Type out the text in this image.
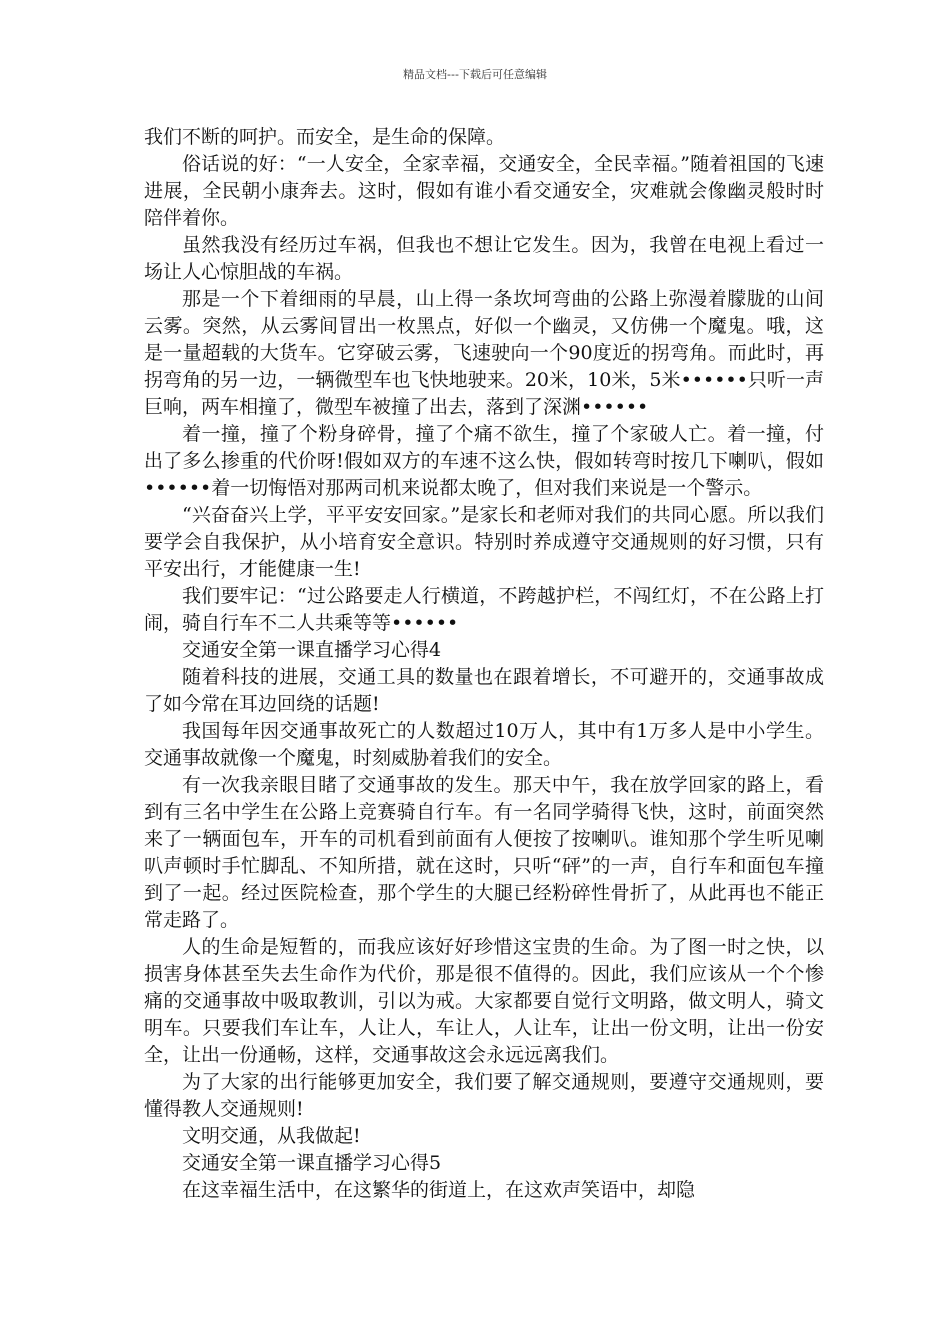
精品文档---下载后可任意编辑

我们不断的呵护。而安全，是生命的保障。

俗话说的好：“一人安全，全家幸福，交通安全，全民幸福。”随着祖国的飞速进展，全民朝小康奔去。这时，假如有谁小看交通安全，灾难就会像幽灵般时时陪伴着你。

虽然我没有经历过车祸，但我也不想让它发生。因为，我曾在电视上看过一场让人心惊胆战的车祸。

那是一个下着细雨的早晨，山上得一条坎坷弯曲的公路上弥漫着朦胧的山间云雾。突然，从云雾间冒出一枚黑点，好似一个幽灵，又仿佛一个魔鬼。哦，这是一量超载的大货车。它穿破云雾，飞速驶向一个90度近的拐弯角。而此时，再拐弯角的另一边，一辆微型车也飞快地驶来。20米，10米，5米••••••只听一声巨响，两车相撞了，微型车被撞了出去，落到了深渊••••••

着一撞，撞了个粉身碎骨，撞了个痛不欲生，撞了个家破人亡。着一撞，付出了多么掺重的代价呀!假如双方的车速不这么快，假如转弯时按几下喇叭，假如••••••着一切悔悟对那两司机来说都太晚了，但对我们来说是一个警示。

“兴奋奋兴上学，平平安安回家。”是家长和老师对我们的共同心愿。所以我们要学会自我保护，从小培育安全意识。特别时养成遵守交通规则的好习惯，只有平安出行，才能健康一生!

我们要牢记：“过公路要走人行横道，不跨越护栏，不闯红灯，不在公路上打闹，骑自行车不二人共乘等等••••••

交通安全第一课直播学习心得4

随着科技的进展，交通工具的数量也在跟着增长，不可避开的，交通事故成了如今常在耳边回绕的话题!

我国每年因交通事故死亡的人数超过10万人，其中有1万多人是中小学生。交通事故就像一个魔鬼，时刻威胁着我们的安全。

有一次我亲眼目睹了交通事故的发生。那天中午，我在放学回家的路上，看到有三名中学生在公路上竞赛骑自行车。有一名同学骑得飞快，这时，前面突然来了一辆面包车，开车的司机看到前面有人便按了按喇叭。谁知那个学生听见喇叭声顿时手忙脚乱、不知所措，就在这时，只听“砰”的一声，自行车和面包车撞到了一起。经过医院检查，那个学生的大腿已经粉碎性骨折了，从此再也不能正常走路了。

人的生命是短暂的，而我应该好好珍惜这宝贵的生命。为了图一时之快，以损害身体甚至失去生命作为代价，那是很不值得的。因此，我们应该从一个个惨痛的交通事故中吸取教训，引以为戒。大家都要自觉行文明路，做文明人，骑文明车。只要我们车让车，人让人，车让人，人让车，让出一份文明，让出一份安全，让出一份通畅，这样，交通事故这会永远远离我们。

为了大家的出行能够更加安全，我们要了解交通规则，要遵守交通规则，要懂得教人交通规则!

文明交通，从我做起!

交通安全第一课直播学习心得5

在这幸福生活中，在这繁华的街道上，在这欢声笑语中，却隐
